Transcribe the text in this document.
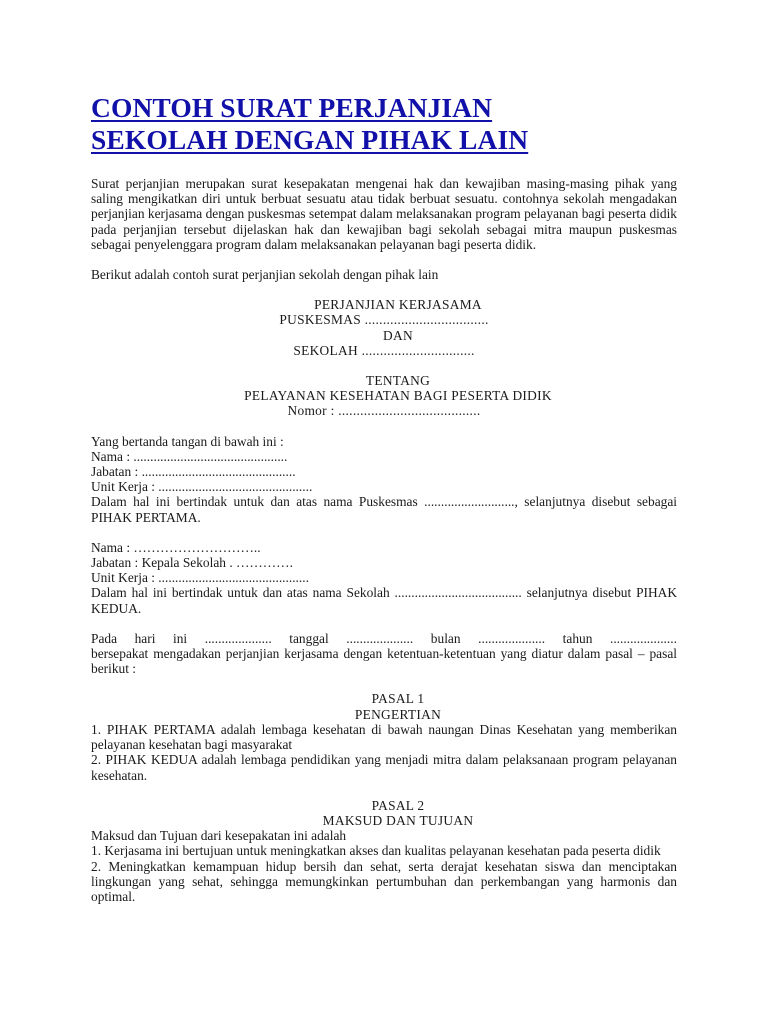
CONTOH SURAT PERJANJIAN
SEKOLAH DENGAN PIHAK LAIN

Surat perjanjian merupakan surat kesepakatan mengenai hak dan kewajiban masing-masing pihak yang saling mengikatkan diri untuk berbuat sesuatu atau tidak berbuat sesuatu. contohnya sekolah mengadakan perjanjian kerjasama dengan puskesmas setempat dalam melaksanakan program pelayanan bagi peserta didik pada perjanjian tersebut dijelaskan hak dan kewajiban bagi sekolah sebagai mitra maupun puskesmas sebagai penyelenggara program dalam melaksanakan pelayanan bagi peserta didik.

Berikut adalah contoh surat perjanjian sekolah dengan pihak lain

PERJANJIAN KERJASAMA

PUSKESMAS ..................................

DAN

SEKOLAH ...............................

TENTANG

PELAYANAN KESEHATAN BAGI PESERTA DIDIK

Nomor : .......................................

Yang bertanda tangan di bawah ini :

Nama : ..............................................

Jabatan : ..............................................

Unit Kerja : ..............................................

Dalam hal ini bertindak untuk dan atas nama Puskesmas ..........................., selanjutnya disebut sebagai PIHAK PERTAMA.

Nama : ………………………..

Jabatan : Kepala Sekolah . ………….

Unit Kerja : .............................................

Dalam hal ini bertindak untuk dan atas nama Sekolah ...................................... selanjutnya disebut PIHAK KEDUA.

Pada hari ini .................... tanggal .................... bulan .................... tahun ....................

bersepakat mengadakan perjanjian kerjasama dengan ketentuan-ketentuan yang diatur dalam pasal – pasal berikut :

PASAL 1

PENGERTIAN

1. PIHAK PERTAMA adalah lembaga kesehatan di bawah naungan Dinas Kesehatan yang memberikan pelayanan kesehatan bagi masyarakat

2. PIHAK KEDUA adalah lembaga pendidikan yang menjadi mitra dalam pelaksanaan program pelayanan kesehatan.

PASAL 2

MAKSUD DAN TUJUAN

Maksud dan Tujuan dari kesepakatan ini adalah

1. Kerjasama ini bertujuan untuk meningkatkan akses dan kualitas pelayanan kesehatan pada peserta didik

2. Meningkatkan kemampuan hidup bersih dan sehat, serta derajat kesehatan siswa dan menciptakan lingkungan yang sehat, sehingga memungkinkan pertumbuhan dan perkembangan yang harmonis dan optimal.
